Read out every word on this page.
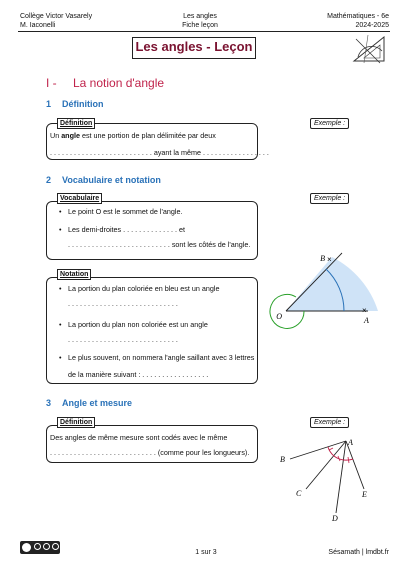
Collège Victor Vasarely
M. Iaconelli
Les angles
Fiche leçon
Mathématiques - 6e
2024-2025
Les angles - Leçon
I - La notion d'angle
1 Définition
Définition	Exemple :
Un angle est une portion de plan délimitée par deux
. . . . . . . . . . . . . . . . . . . . . . . . . . ayant la même . . . . . . . . . . . . . . . . .
2 Vocabulaire et notation
Vocabulaire	Exemple :
• Le point O est le sommet de l'angle.
• Les demi-droites . . . . . . . . . . . . . . et
. . . . . . . . . . . . . . . . . . . . . . . . . . sont les côtés de l'angle.
Notation
• La portion du plan coloriée en bleu est un angle
. . . . . . . . . . . . . . . . . . . . . . . . . . . .
• La portion du plan non coloriée est un angle
. . . . . . . . . . . . . . . . . . . . . . . . . . . .
• Le plus souvent, on nommera l'angle saillant avec 3 lettres
de la manière suivant : . . . . . . . . . . . . . . . . .
×
×
B
O	A
3 Angle et mesure
Définition	Exemple :
Des angles de même mesure sont codés avec le même
. . . . . . . . . . . . . . . . . . . . . . . . . . . (comme pour les longueurs).
A
B
C
D
E
1 sur 3	Sésamath | lmdbt.fr
